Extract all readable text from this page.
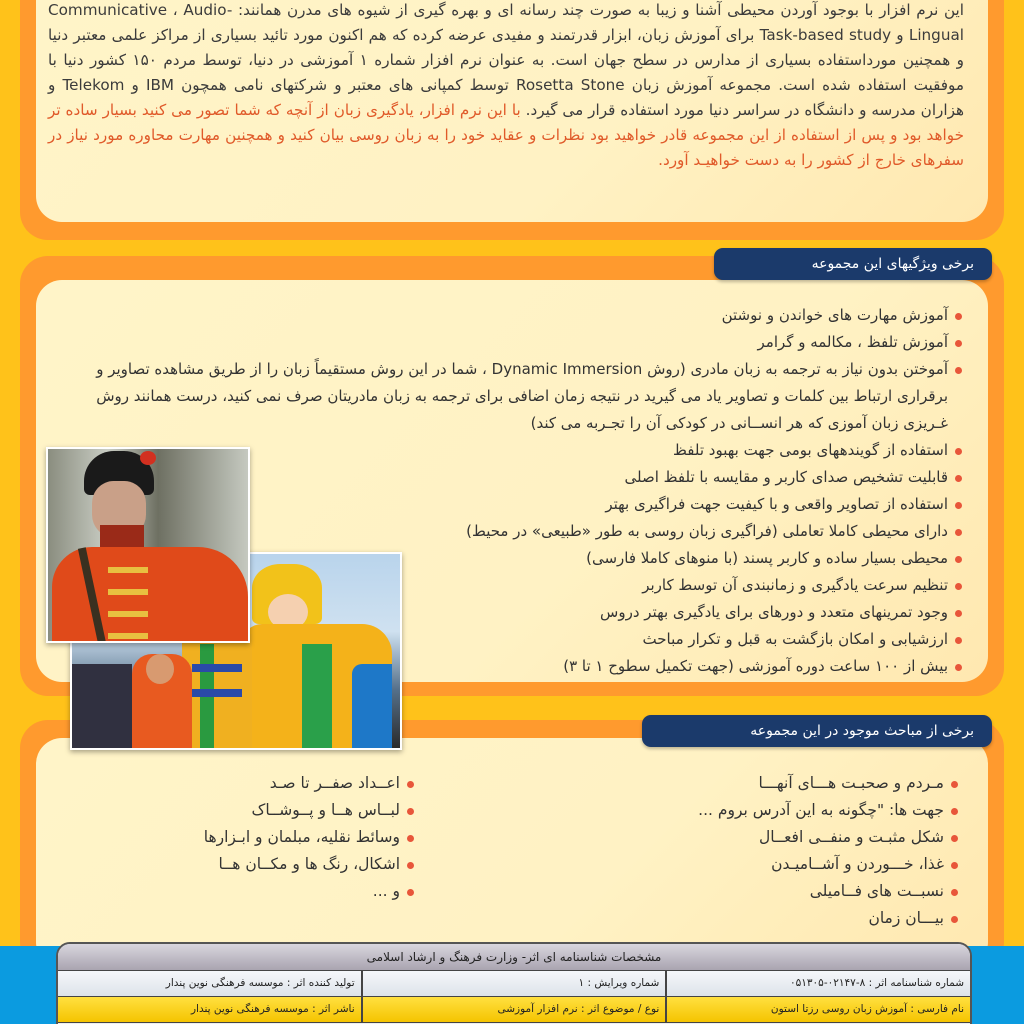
این نرم افزار با بوجود آوردن محیطی آشنا و زیبا به صورت چند رسانه ای و بهره گیری از شیوه های مدرن همانند: Communicative ، Audio-Lingual و Task-based study برای آموزش زبان، ابزار قدرتمند و مفیدی عرضه کرده که هم اکنون مورد تائید بسیاری از مراکز علمی معتبر دنیا و همچنین مورداستفاده بسیاری از مدارس در سطح جهان است. به عنوان نرم افزار شماره ۱ آموزشی در دنیا، توسط مردم ۱۵۰ کشور دنیا با موفقیت استفاده شده است. مجموعه آموزش زبان Rosetta Stone توسط کمپانی های معتبر و شرکتهای نامی همچون IBM و Telekom و هزاران مدرسه و دانشگاه در سراسر دنیا مورد استفاده قرار می گیرد. با این نرم افزار، یادگیری زبان از آنچه که شما تصور می کنید بسیار ساده تر خواهد بود و پس از استفاده از این مجموعه قادر خواهید بود نظرات و عقاید خود را به زبان روسی بیان کنید و همچنین مهارت محاوره مورد نیاز در سفرهای خارج از کشور را به دست خواهیـد آورد.
برخی ویژگیهای این مجموعه
آموزش مهارت های خواندن و نوشتن
آموزش تلفظ ، مکالمه و گرامر
آموختن بدون نیاز به ترجمه به زبان مادری (روش Dynamic Immersion ، شما در این روش مستقیماً زبان را از طریق مشاهده تصاویر و برقراری ارتباط بین کلمات و تصاویر یاد می گیرید در نتیجه زمان اضافی برای ترجمه به زبان مادریتان صرف نمی کنید، درست همانند روش غـریزی زبان آموزی که هر انســانی در کودکی آن را تجـربه می کند)
استفاده از گویندههای بومی جهت بهبود تلفظ
قابلیت تشخیص صدای کاربر و مقایسه با تلفظ اصلی
استفاده از تصاویر واقعی و با کیفیت جهت فراگیری بهتر
دارای محیطی کاملا تعاملی (فراگیری زبان روسی به طور «طبیعی» در محیط)
محیطی بسیار ساده و کاربر پسند (با منوهای کاملا فارسی)
تنظیم سرعت یادگیری و زمانبندی آن توسط کاربر
وجود تمرینهای متعدد و دورهای برای یادگیری بهتر دروس
ارزشیابی و امکان بازگشت به قبل و تکرار مباحث
بیش از ۱۰۰ ساعت دوره آموزشی (جهت تکمیل سطوح ۱ تا ۳)
برخی از مباحث موجود در این مجموعه
مـردم و صحبـت هـــای آنهـــا
جهت ها: "چگونه به این آدرس بروم ...
شکل مثبـت و منفــی افعــال
غذا، خـــوردن و آشــامیـدن
نسبــت های فــامیلی
بیـــان زمان
اعــداد صفــر تا صـد
لبــاس هــا و پــوشــاک
وسائط نقلیه، مبلمان و ابـزارها
اشکال، رنگ ها و مکــان هــا
و ...
مشخصات شناسنامه ای اثر- وزارت فرهنگ و ارشاد اسلامی
شماره شناسنامه اثر : ۸-۰۲۱۴۷-۰۵۱۳۰۵
شماره ویرایش : ۱
تولید کننده اثر : موسسه فرهنگی نوین پندار
نام فارسی : آموزش زبان روسی رزتا استون
نوع / موضوع اثر : نرم افزار آموزشی
ناشر اثر : موسسه فرهنگی نوین پندار
